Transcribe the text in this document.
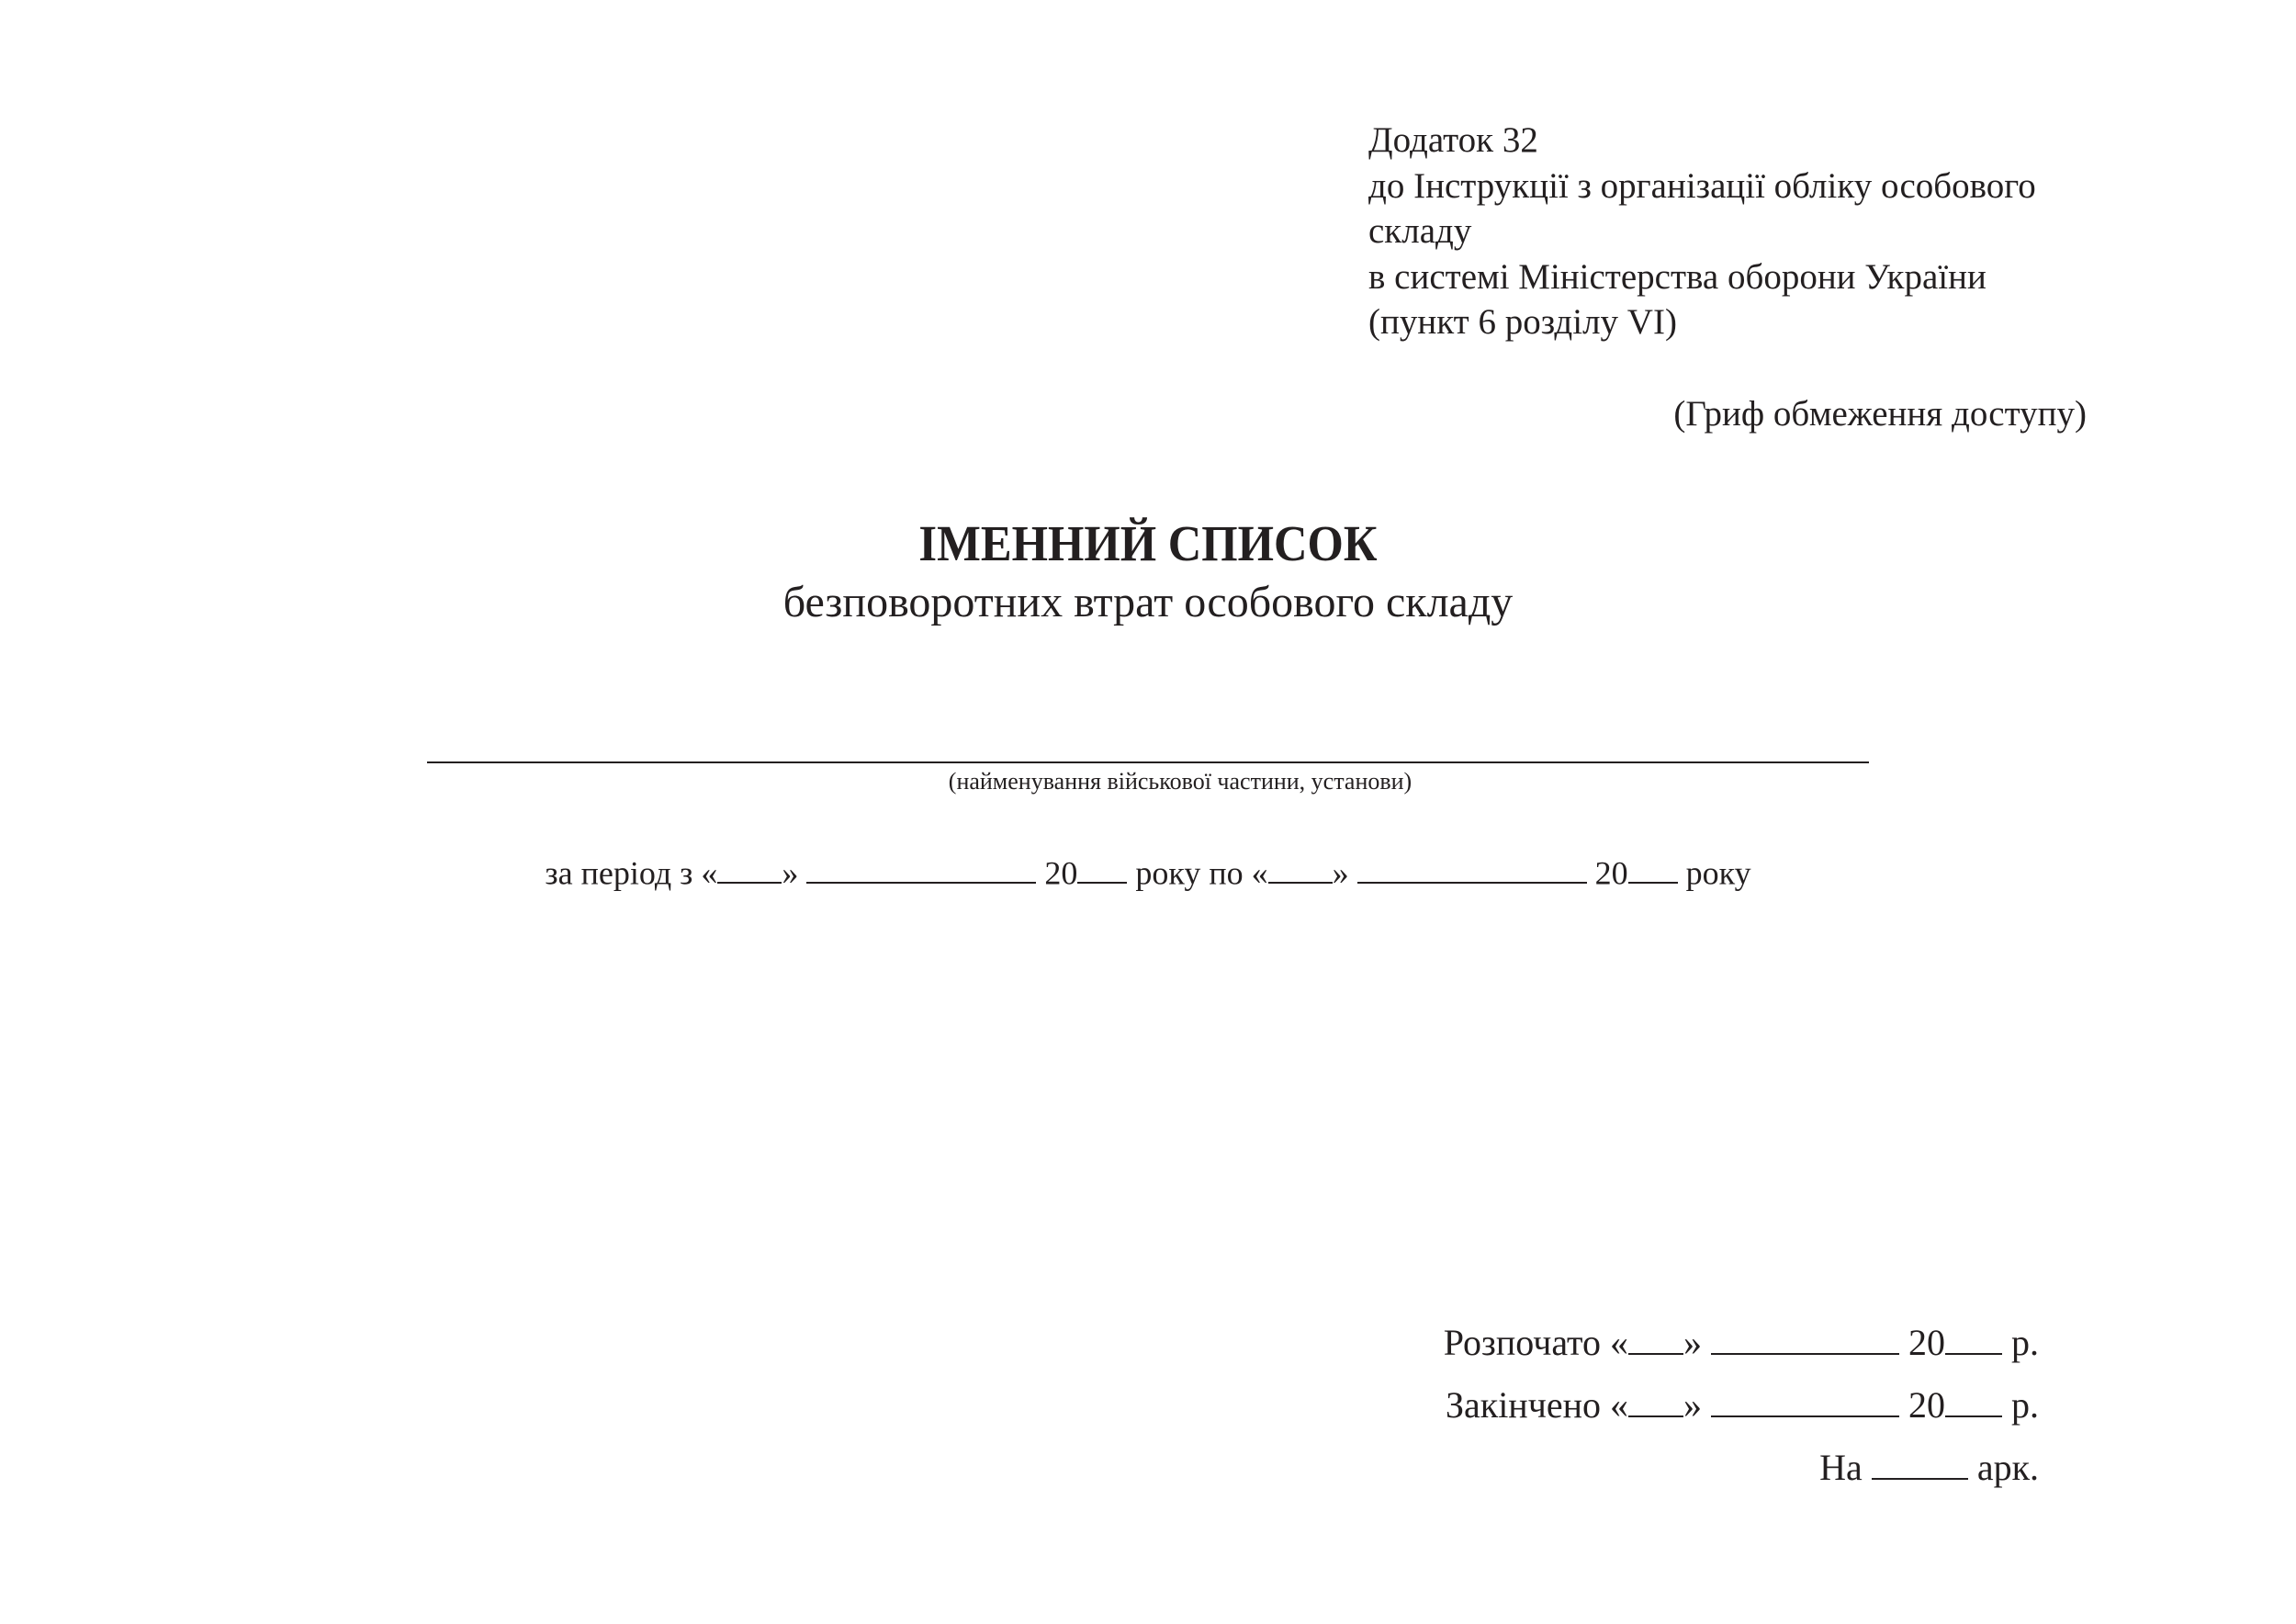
Додаток 32
до Інструкції з організації обліку особового
складу
в системі Міністерства оборони України
(пункт 6 розділу VI)
(Гриф обмеження доступу)
ІМЕННИЙ СПИСОК
безповоротних втрат особового складу
(найменування військової частини, установи)
за період з « »	20 року по « »	20 року
Розпочато « »	20 р.
Закінчено « »	20 р.
На	арк.
